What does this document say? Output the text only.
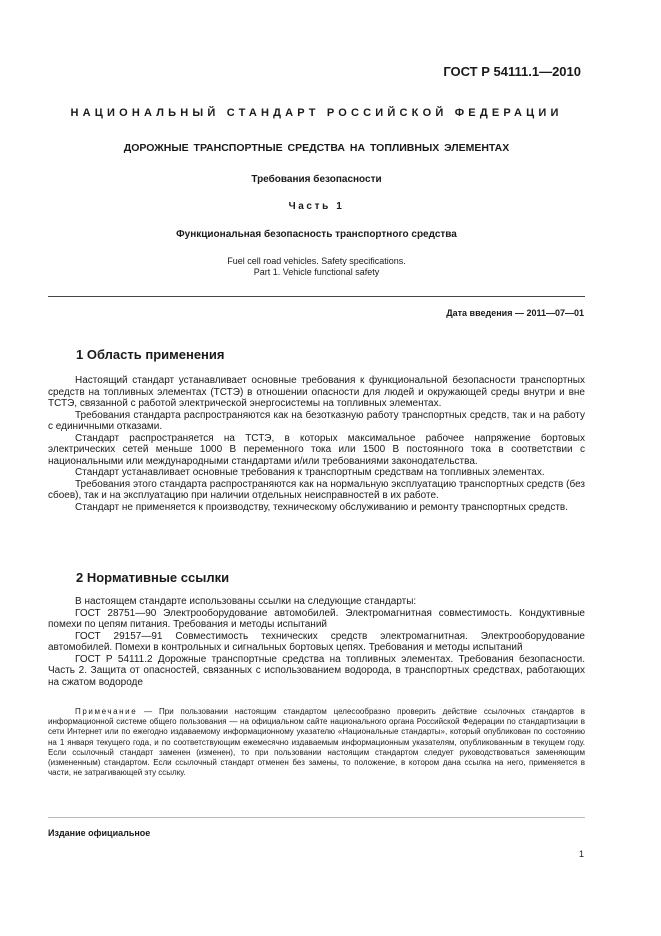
ГОСТ Р 54111.1—2010
НАЦИОНАЛЬНЫЙ СТАНДАРТ РОССИЙСКОЙ ФЕДЕРАЦИИ
ДОРОЖНЫЕ ТРАНСПОРТНЫЕ СРЕДСТВА НА ТОПЛИВНЫХ ЭЛЕМЕНТАХ
Требования безопасности
Часть 1
Функциональная безопасность транспортного средства
Fuel cell road vehicles. Safety specifications.
Part 1. Vehicle functional safety
Дата введения — 2011—07—01
1 Область применения

Настоящий стандарт устанавливает основные требования к функциональной безопасности транспортных средств на топливных элементах (ТСТЭ) в отношении опасности для людей и окружающей среды внутри и вне ТСТЭ, связанной с работой электрической энергосистемы на топливных элементах.

Требования стандарта распространяются как на безотказную работу транспортных средств, так и на работу с единичными отказами.

Стандарт распространяется на ТСТЭ, в которых максимальное рабочее напряжение бортовых электрических сетей меньше 1000 В переменного тока или 1500 В постоянного тока в соответствии с национальными или международными стандартами и/или требованиями законодательства.

Стандарт устанавливает основные требования к транспортным средствам на топливных элементах.

Требования этого стандарта распространяются как на нормальную эксплуатацию транспортных средств (без сбоев), так и на эксплуатацию при наличии отдельных неисправностей в их работе.

Стандарт не применяется к производству, техническому обслуживанию и ремонту транспортных средств.

2 Нормативные ссылки

В настоящем стандарте использованы ссылки на следующие стандарты:

ГОСТ 28751—90 Электрооборудование автомобилей. Электромагнитная совместимость. Кондуктивные помехи по цепям питания. Требования и методы испытаний

ГОСТ 29157—91 Совместимость технических средств электромагнитная. Электрооборудование автомобилей. Помехи в контрольных и сигнальных бортовых цепях. Требования и методы испытаний

ГОСТ Р 54111.2 Дорожные транспортные средства на топливных элементах. Требования безопасности. Часть 2. Защита от опасностей, связанных с использованием водорода, в транспортных средствах, работающих на сжатом водороде

Примечание — При пользовании настоящим стандартом целесообразно проверить действие ссылочных стандартов в информационной системе общего пользования — на официальном сайте национального органа Российской Федерации по стандартизации в сети Интернет или по ежегодно издаваемому информационному указателю «Национальные стандарты», который опубликован по состоянию на 1 января текущего года, и по соответствующим ежемесячно издаваемым информационным указателям, опубликованным в текущем году. Если ссылочный стандарт заменен (изменен), то при пользовании настоящим стандартом следует руководствоваться заменяющим (измененным) стандартом. Если ссылочный стандарт отменен без замены, то положение, в котором дана ссылка на него, применяется в части, не затрагивающей эту ссылку.

Издание официальное
1
